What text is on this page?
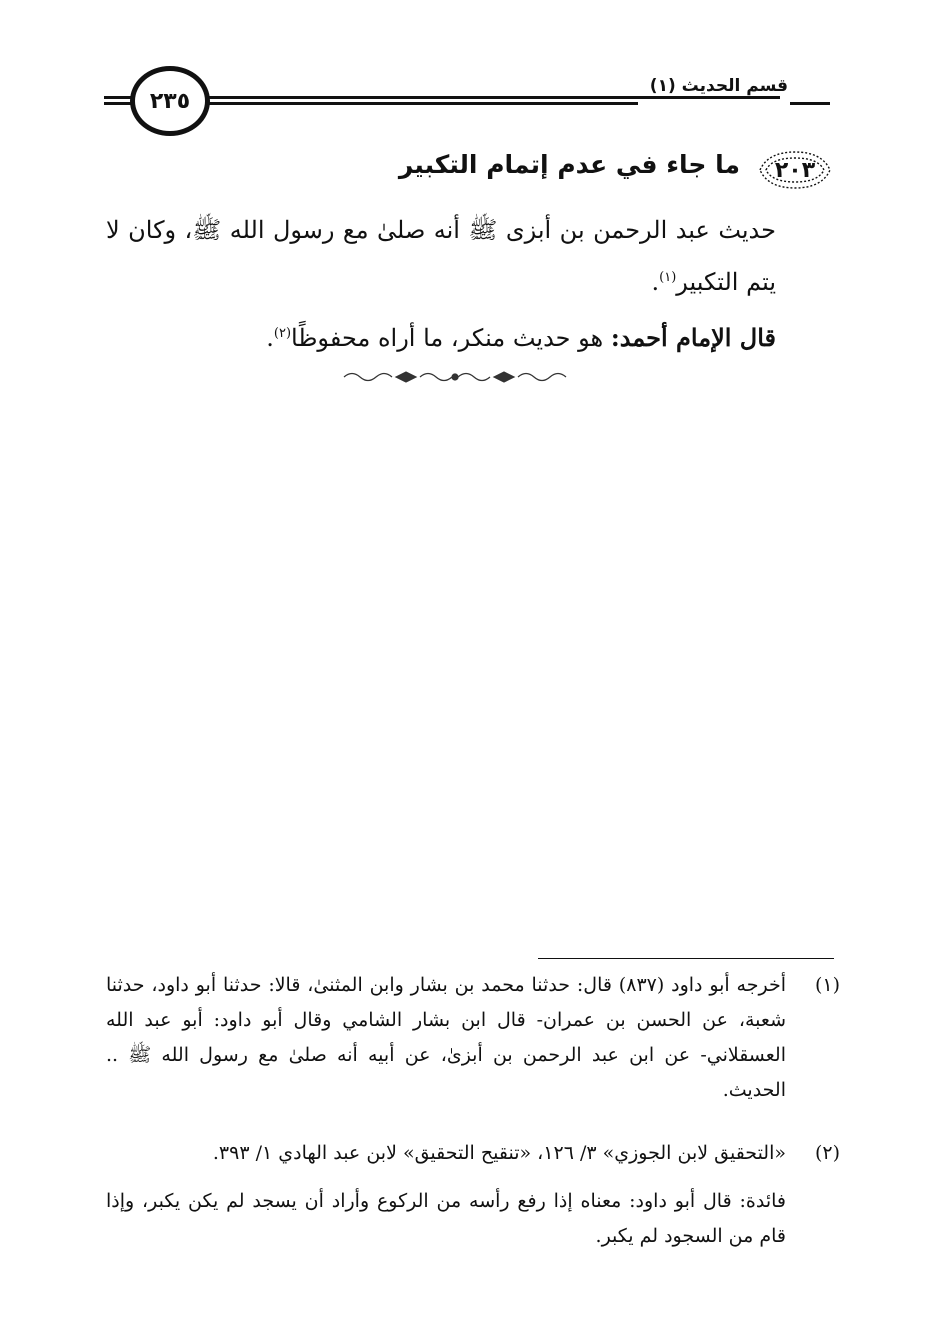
٢٣٥
قسم الحديث (١)
٢٠٣
ما جاء في عدم إتمام التكبير
حديث عبد الرحمن بن أبزى ﷺ أنه صلىٰ مع رسول الله ﷺ، وكان لا يتم التكبير$^{(١)}$.
قال الإمام أحمد: هو حديث منكر، ما أراه محفوظًا$^{(٢)}$.
(١)
أخرجه أبو داود (٨٣٧) قال: حدثنا محمد بن بشار وابن المثنىٰ، قالا: حدثنا أبو داود، حدثنا شعبة، عن الحسن بن عمران- قال ابن بشار الشامي وقال أبو داود: أبو عبد الله العسقلاني- عن ابن عبد الرحمن بن أبزىٰ، عن أبيه أنه صلىٰ مع رسول الله ﷺ .. الحديث.
(٢)
«التحقيق لابن الجوزي» ٣/ ١٢٦، «تنقيح التحقيق» لابن عبد الهادي ١/ ٣٩٣.
فائدة: قال أبو داود: معناه إذا رفع رأسه من الركوع وأراد أن يسجد لم يكن يكبر، وإذا قام من السجود لم يكبر.
